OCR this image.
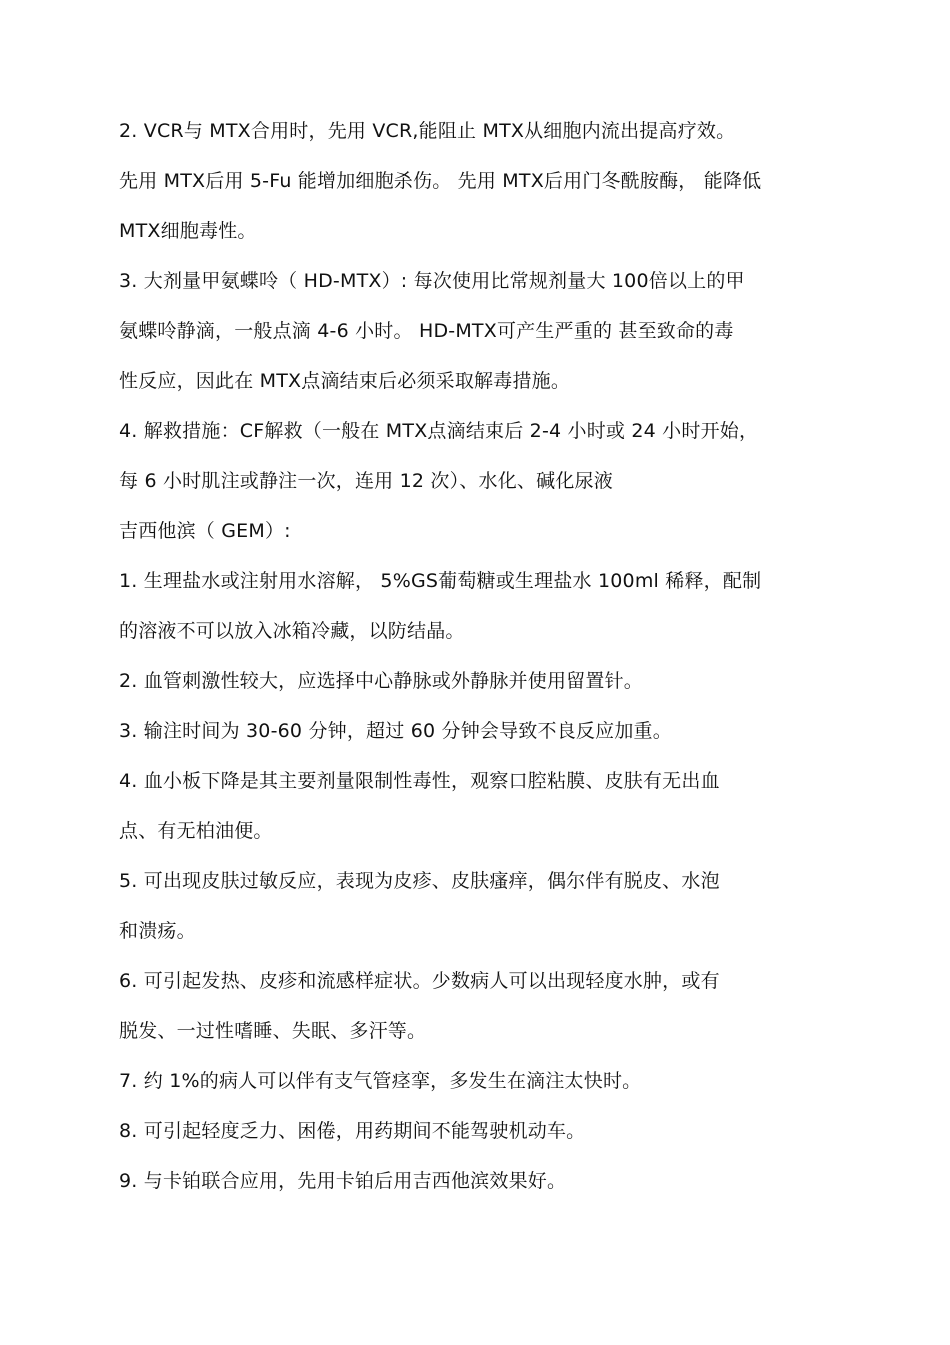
2. VCR与 MTX合用时，先用 VCR,能阻止 MTX从细胞内流出提高疗效。
先用 MTX后用 5-Fu 能增加细胞杀伤。 先用 MTX后用门冬酰胺酶， 能降低
MTX细胞毒性。
3. 大剂量甲氨蝶呤（ HD-MTX）: 每次使用比常规剂量大 100倍以上的甲
氨蝶呤静滴，一般点滴 4-6 小时。 HD-MTX可产生严重的 甚至致命的毒
性反应，因此在 MTX点滴结束后必须采取解毒措施。
4. 解救措施：CF解救（一般在 MTX点滴结束后 2-4 小时或 24 小时开始，
每 6 小时肌注或静注一次，连用 12 次）、水化、碱化尿液
吉西他滨（ GEM）:
1. 生理盐水或注射用水溶解， 5%GS葡萄糖或生理盐水 100ml 稀释，配制
的溶液不可以放入冰箱冷藏，以防结晶。
2. 血管刺激性较大，应选择中心静脉或外静脉并使用留置针。
3. 输注时间为 30-60 分钟，超过 60 分钟会导致不良反应加重。
4. 血小板下降是其主要剂量限制性毒性，观察口腔粘膜、皮肤有无出血
点、有无柏油便。
5. 可出现皮肤过敏反应，表现为皮疹、皮肤瘙痒，偶尔伴有脱皮、水泡
和溃疡。
6. 可引起发热、皮疹和流感样症状。少数病人可以出现轻度水肿，或有
脱发、一过性嗜睡、失眠、多汗等。
7. 约 1%的病人可以伴有支气管痉挛，多发生在滴注太快时。
8. 可引起轻度乏力、困倦，用药期间不能驾驶机动车。
9. 与卡铂联合应用，先用卡铂后用吉西他滨效果好。
